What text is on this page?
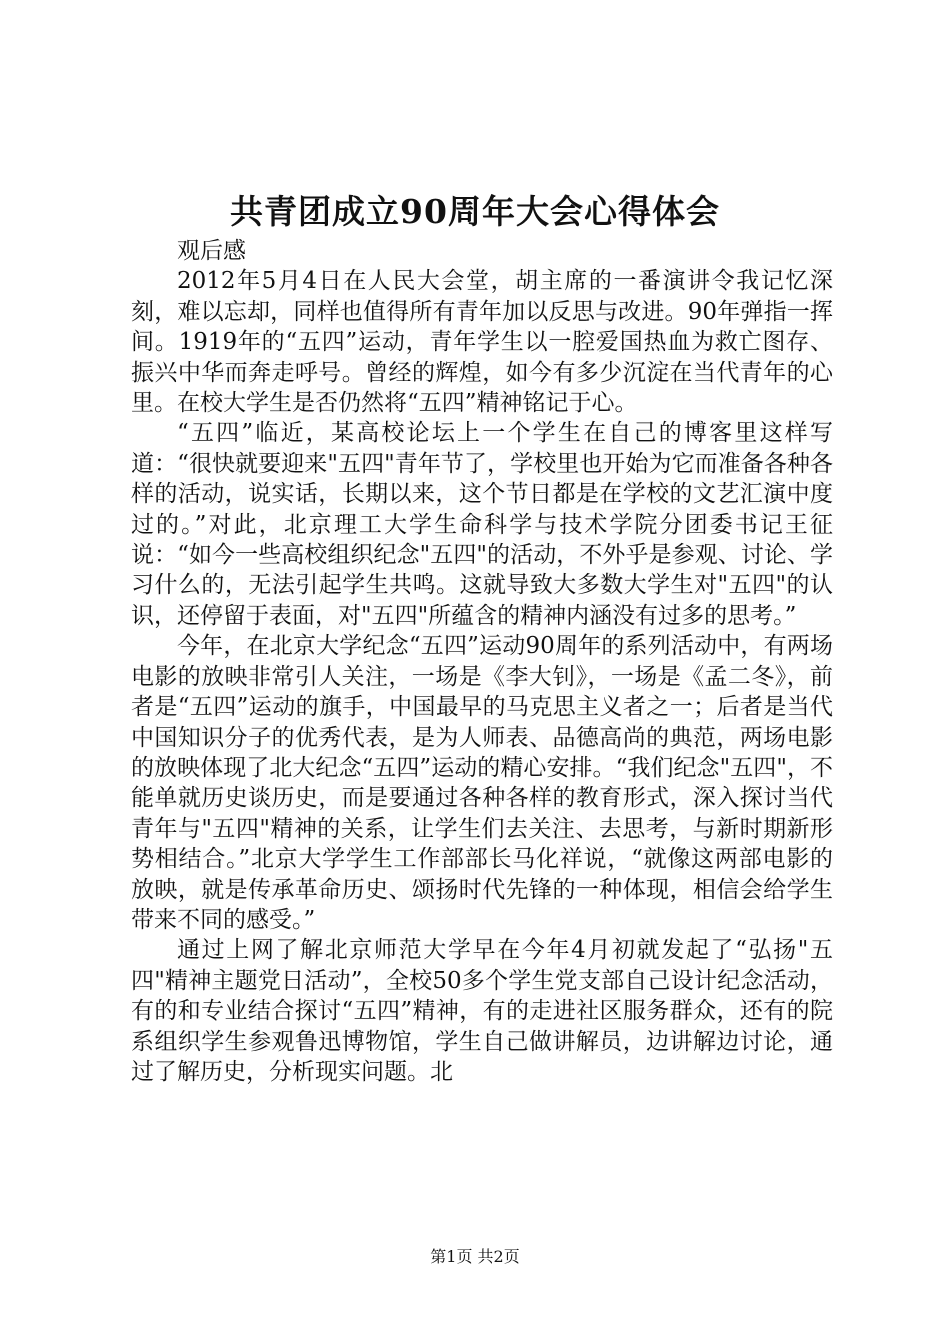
共青团成立90周年大会心得体会

观后感

2012年5月4日在人民大会堂，胡主席的一番演讲令我记忆深刻，难以忘却，同样也值得所有青年加以反思与改进。90年弹指一挥间。1919年的“五四”运动，青年学生以一腔爱国热血为救亡图存、振兴中华而奔走呼号。曾经的辉煌，如今有多少沉淀在当代青年的心里。在校大学生是否仍然将“五四”精神铭记于心。

“五四”临近，某高校论坛上一个学生在自己的博客里这样写道：“很快就要迎来"五四"青年节了，学校里也开始为它而准备各种各样的活动，说实话，长期以来，这个节日都是在学校的文艺汇演中度过的。”对此，北京理工大学生命科学与技术学院分团委书记王征说：“如今一些高校组织纪念"五四"的活动，不外乎是参观、讨论、学习什么的，无法引起学生共鸣。这就导致大多数大学生对"五四"的认识，还停留于表面，对"五四"所蕴含的精神内涵没有过多的思考。”

今年，在北京大学纪念“五四”运动90周年的系列活动中，有两场电影的放映非常引人关注，一场是《李大钊》，一场是《孟二冬》，前者是“五四”运动的旗手，中国最早的马克思主义者之一；后者是当代中国知识分子的优秀代表，是为人师表、品德高尚的典范，两场电影的放映体现了北大纪念“五四”运动的精心安排。“我们纪念"五四"，不能单就历史谈历史，而是要通过各种各样的教育形式，深入探讨当代青年与"五四"精神的关系，让学生们去关注、去思考，与新时期新形势相结合。”北京大学学生工作部部长马化祥说，“就像这两部电影的放映，就是传承革命历史、颂扬时代先锋的一种体现，相信会给学生带来不同的感受。”

通过上网了解北京师范大学早在今年4月初就发起了“弘扬"五四"精神主题党日活动”，全校50多个学生党支部自己设计纪念活动，有的和专业结合探讨“五四”精神，有的走进社区服务群众，还有的院系组织学生参观鲁迅博物馆，学生自己做讲解员，边讲解边讨论，通过了解历史，分析现实问题。北

第1页 共2页
